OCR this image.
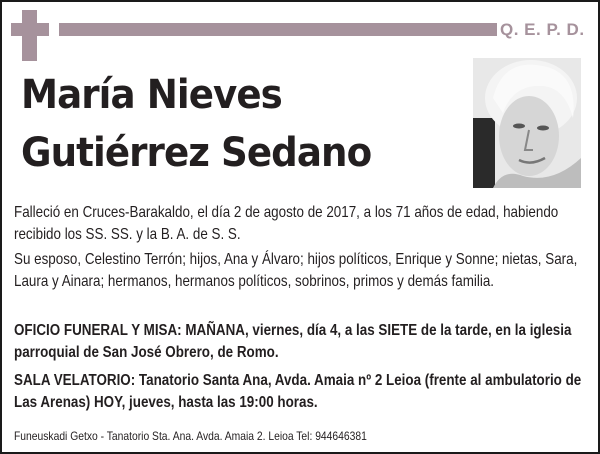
Q. E. P. D.
María Nieves
Gutiérrez Sedano
Falleció en Cruces-Barakaldo, el día 2 de agosto de 2017, a los 71 años de edad, habiendo recibido los SS. SS. y la B. A. de S. S.
Su esposo, Celestino Terrón; hijos, Ana y Álvaro; hijos políticos, Enrique y Sonne; nietas, Sara, Laura y Ainara; hermanos, hermanos políticos, sobrinos, primos y demás familia.
OFICIO FUNERAL Y MISA: MAÑANA, viernes, día 4, a las SIETE de la tarde, en la iglesia parroquial de San José Obrero, de Romo.
SALA VELATORIO: Tanatorio Santa Ana, Avda. Amaia nº 2 Leioa (frente al ambulatorio de Las Arenas) HOY, jueves, hasta las 19:00 horas.
Funeuskadi Getxo - Tanatorio Sta. Ana. Avda. Amaia 2. Leioa Tel: 944646381
